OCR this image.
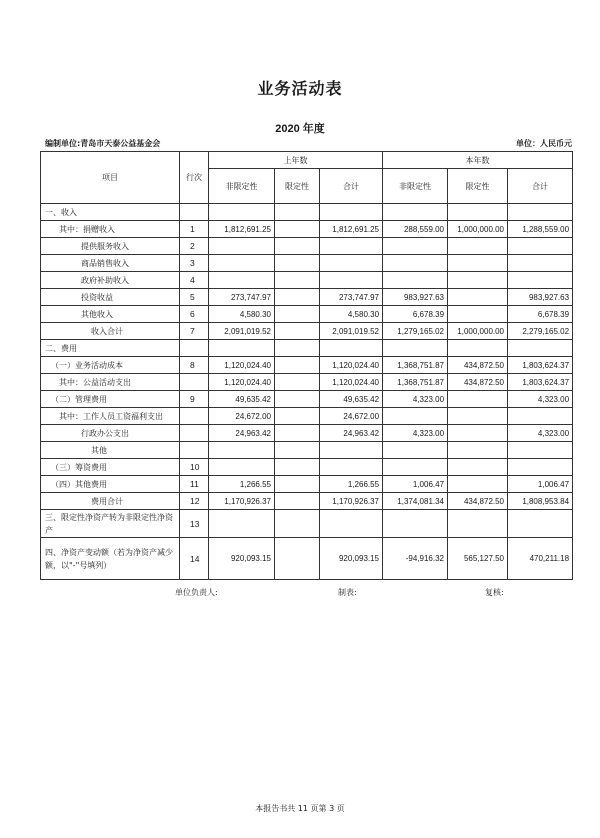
业务活动表
2020 年度
编制单位:青岛市天泰公益基金会	单位：人民币元
项目	行次	上年数			本年数		
		非限定性	限定性	合计	非限定性	限定性	合计
一、收入							
其中：捐赠收入	1	1,812,691.25		1,812,691.25	288,559.00	1,000,000.00	1,288,559.00
提供服务收入	2						
商品销售收入	3						
政府补助收入	4						
投资收益	5	273,747.97		273,747.97	983,927.63		983,927.63
其他收入	6	4,580.30		4,580.30	6,678.39		6,678.39
收入合计	7	2,091,019.52		2,091,019.52	1,279,165.02	1,000,000.00	2,279,165.02
二、费用							
（一）业务活动成本	8	1,120,024.40		1,120,024.40	1,368,751.87	434,872.50	1,803,624.37
其中：公益活动支出		1,120,024.40		1,120,024.40	1,368,751.87	434,872.50	1,803,624.37
（二）管理费用	9	49,635.42		49,635.42	4,323.00		4,323.00
其中：工作人员工资福利支出		24,672.00		24,672.00			
行政办公支出		24,963.42		24,963.42	4,323.00		4,323.00
其他							
（三）筹资费用	10						
（四）其他费用	11	1,266.55		1,266.55	1,006.47		1,006.47
费用合计	12	1,170,926.37		1,170,926.37	1,374,081.34	434,872.50	1,808,953.84
三、限定性净资产转为非限定性净资产	13						
四、净资产变动额（若为净资产减少额，以"-"号填列）	14	920,093.15		920,093.15	-94,916.32	565,127.50	470,211.18
单位负责人:	制表:	复核:
本报告书共 11 页第 3 页
